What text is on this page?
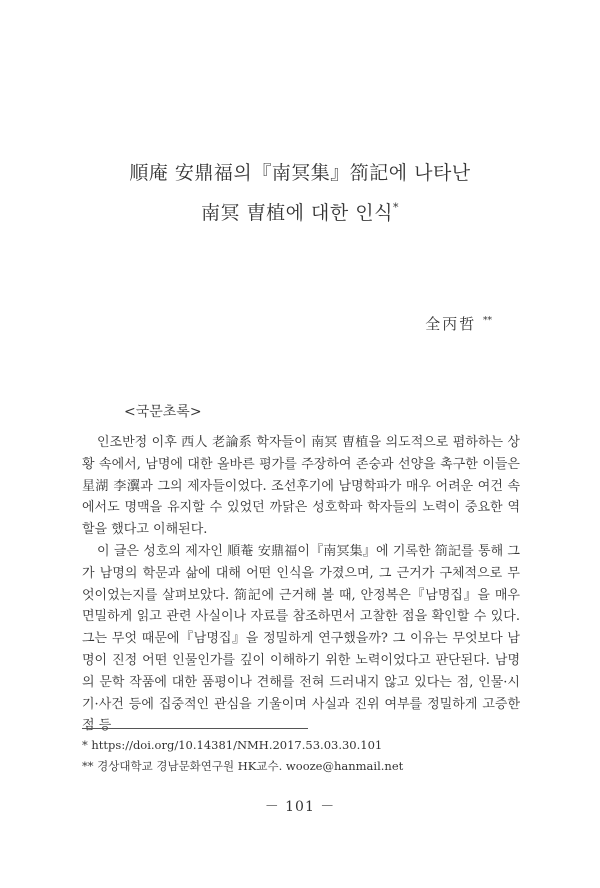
順庵 安鼎福의『南冥集』箚記에 나타난
南冥 曺植에 대한 인식*
全丙哲 **
<국문초록>

인조반정 이후 西人 老論系 학자들이 南冥 曺植을 의도적으로 폄하하는 상황 속에서, 남명에 대한 올바른 평가를 주장하여 존숭과 선양을 촉구한 이들은 星湖 李瀷과 그의 제자들이었다. 조선후기에 남명학파가 매우 어려운 여건 속에서도 명맥을 유지할 수 있었던 까닭은 성호학파 학자들의 노력이 중요한 역할을 했다고 이해된다.

이 글은 성호의 제자인 順菴 安鼎福이『南冥集』에 기록한 箚記를 통해 그가 남명의 학문과 삶에 대해 어떤 인식을 가졌으며, 그 근거가 구체적으로 무엇이었는지를 살펴보았다. 箚記에 근거해 볼 때, 안정복은『남명집』을 매우 면밀하게 읽고 관련 사실이나 자료를 참조하면서 고찰한 점을 확인할 수 있다. 그는 무엇 때문에『남명집』을 정밀하게 연구했을까? 그 이유는 무엇보다 남명이 진정 어떤 인물인가를 깊이 이해하기 위한 노력이었다고 판단된다. 남명의 문학 작품에 대한 품평이나 견해를 전혀 드러내지 않고 있다는 점, 인물·시기·사건 등에 집중적인 관심을 기울이며 사실과 진위 여부를 정밀하게 고증한 점 등

* https://doi.org/10.14381/NMH.2017.53.03.30.101
** 경상대학교 경남문화연구원 HK교수. wooze@hanmail.net
－ 101 －
